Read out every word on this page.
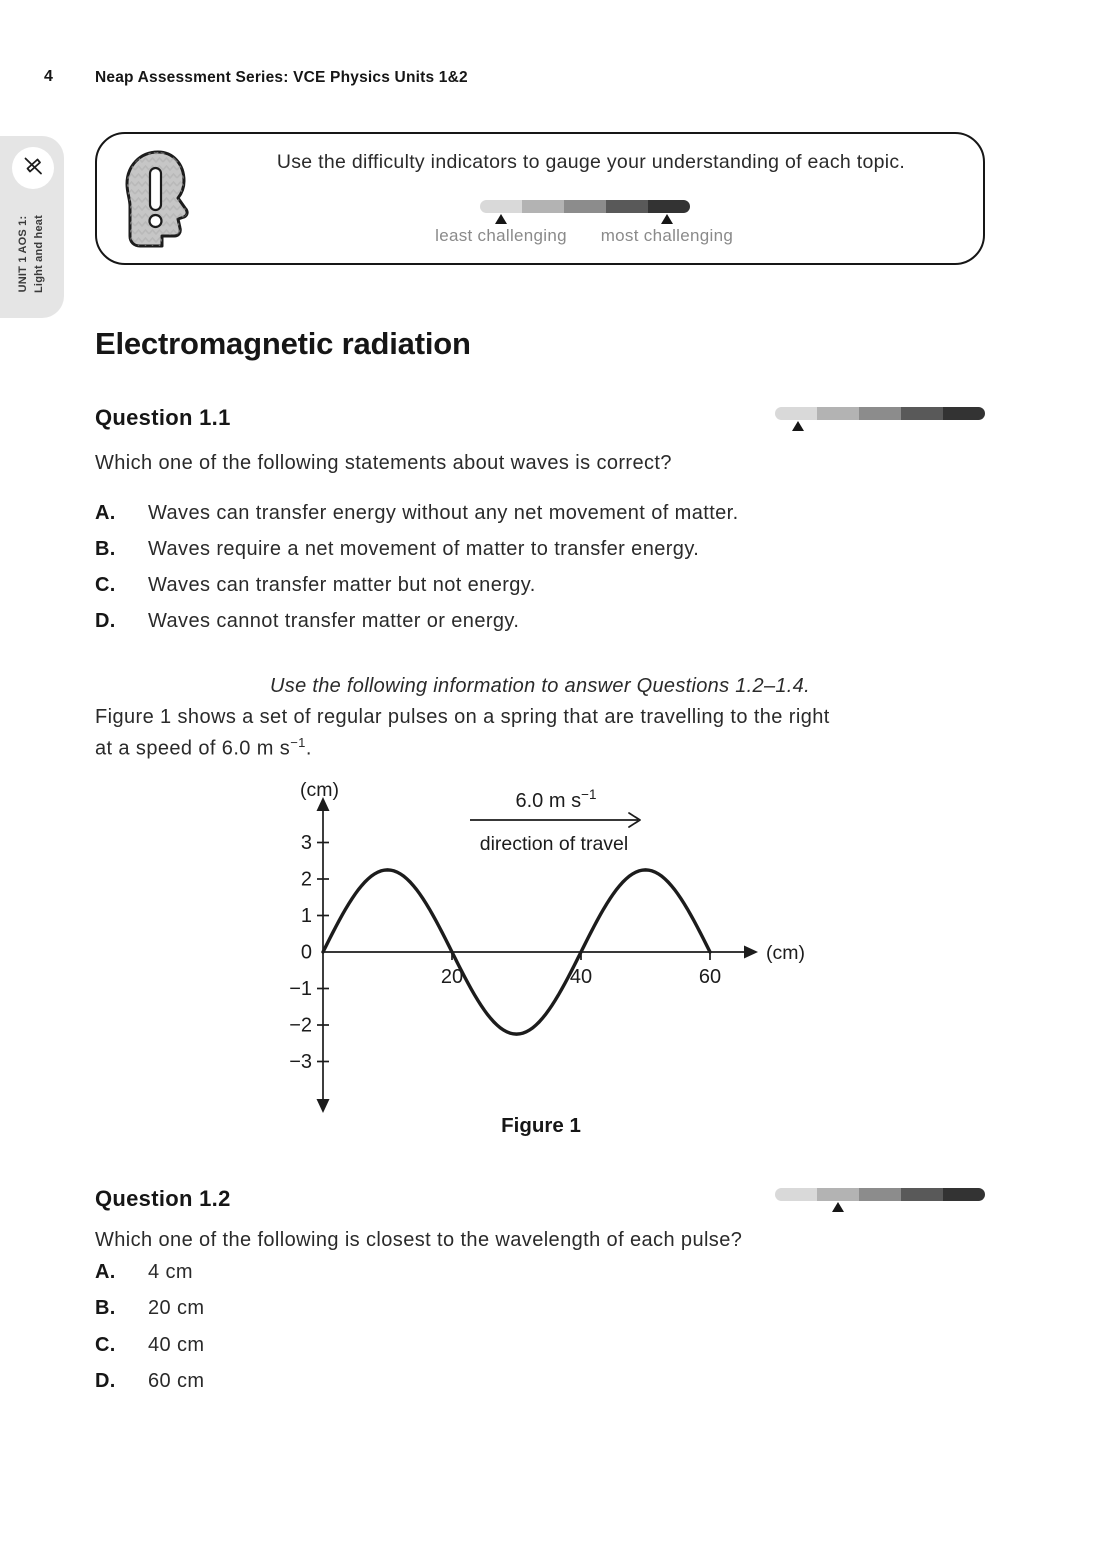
4	Neap Assessment Series: VCE Physics Units 1&2
UNIT 1 AOS 1: Light and heat
Use the difficulty indicators to gauge your understanding of each topic.
least challenging most challenging
Electromagnetic radiation
Question 1.1
Which one of the following statements about waves is correct?
A. Waves can transfer energy without any net movement of matter.
B. Waves require a net movement of matter to transfer energy.
C. Waves can transfer matter but not energy.
D. Waves cannot transfer matter or energy.
Use the following information to answer Questions 1.2–1.4.
Figure 1 shows a set of regular pulses on a spring that are travelling to the right
at a speed of 6.0 m $s^{-1}$.
(cm)
(cm)
3
2
1
0
−1
−2
−3
20	40	60
6.0 m $s^{-1}$
direction of travel
Figure 1
Question 1.2
Which one of the following is closest to the wavelength of each pulse?
A. 4 cm
B. 20 cm
C. 40 cm
D. 60 cm
